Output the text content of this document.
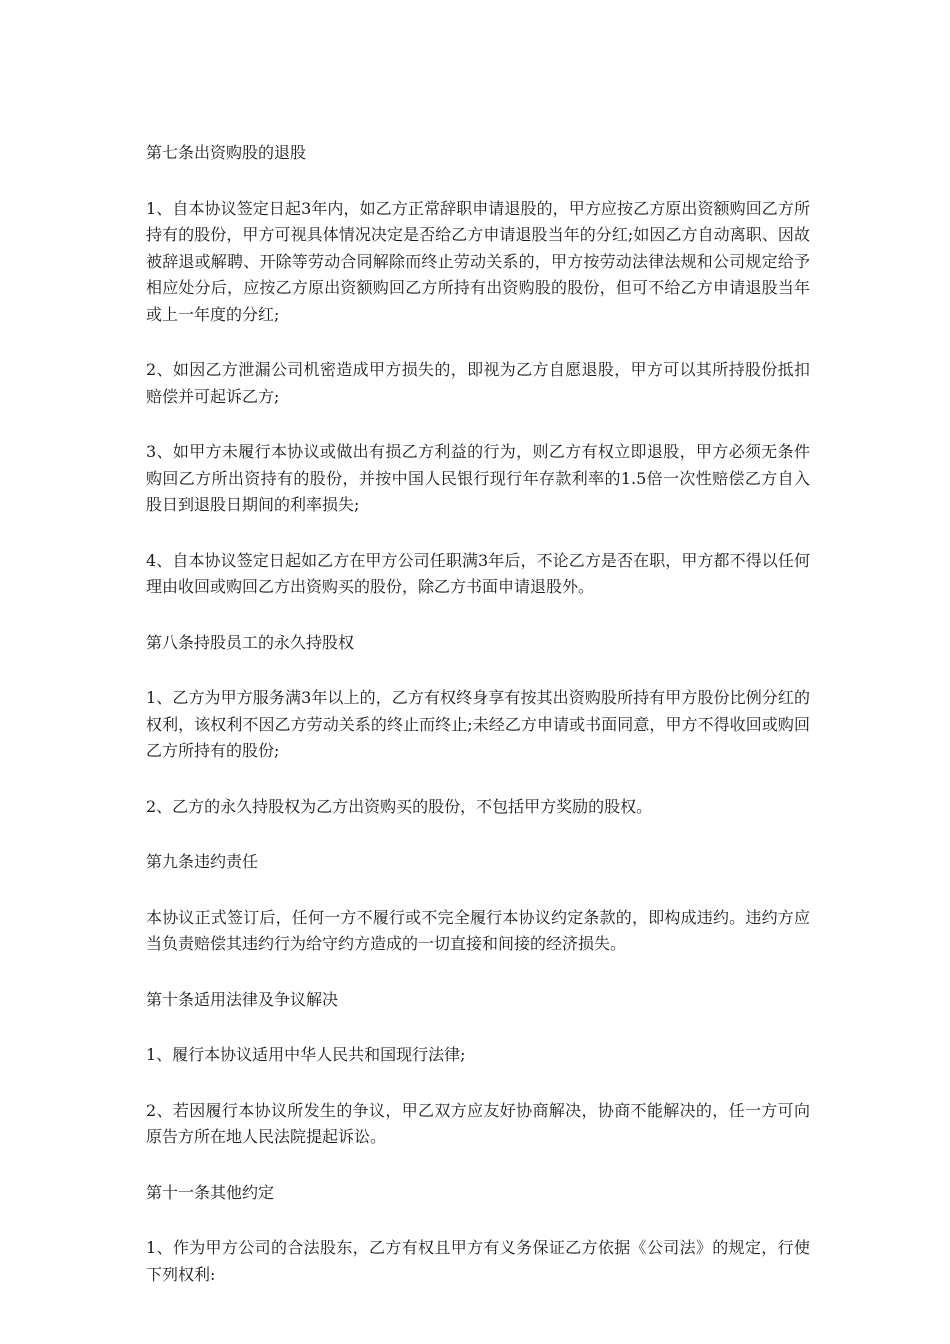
第七条出资购股的退股

1、自本协议签定日起3年内，如乙方正常辞职申请退股的，甲方应按乙方原出资额购回乙方所持有的股份，甲方可视具体情况决定是否给乙方申请退股当年的分红;如因乙方自动离职、因故被辞退或解聘、开除等劳动合同解除而终止劳动关系的，甲方按劳动法律法规和公司规定给予相应处分后，应按乙方原出资额购回乙方所持有出资购股的股份，但可不给乙方申请退股当年或上一年度的分红;

2、如因乙方泄漏公司机密造成甲方损失的，即视为乙方自愿退股，甲方可以其所持股份抵扣赔偿并可起诉乙方;

3、如甲方未履行本协议或做出有损乙方利益的行为，则乙方有权立即退股，甲方必须无条件购回乙方所出资持有的股份，并按中国人民银行现行年存款利率的1.5倍一次性赔偿乙方自入股日到退股日期间的利率损失;

4、自本协议签定日起如乙方在甲方公司任职满3年后，不论乙方是否在职，甲方都不得以任何理由收回或购回乙方出资购买的股份，除乙方书面申请退股外。

第八条持股员工的永久持股权

1、乙方为甲方服务满3年以上的，乙方有权终身享有按其出资购股所持有甲方股份比例分红的权利，该权利不因乙方劳动关系的终止而终止;未经乙方申请或书面同意，甲方不得收回或购回乙方所持有的股份;

2、乙方的永久持股权为乙方出资购买的股份，不包括甲方奖励的股权。

第九条违约责任

本协议正式签订后，任何一方不履行或不完全履行本协议约定条款的，即构成违约。违约方应当负责赔偿其违约行为给守约方造成的一切直接和间接的经济损失。

第十条适用法律及争议解决

1、履行本协议适用中华人民共和国现行法律;

2、若因履行本协议所发生的争议，甲乙双方应友好协商解决，协商不能解决的，任一方可向原告方所在地人民法院提起诉讼。

第十一条其他约定

1、作为甲方公司的合法股东，乙方有权且甲方有义务保证乙方依据《公司法》的规定，行使下列权利:
